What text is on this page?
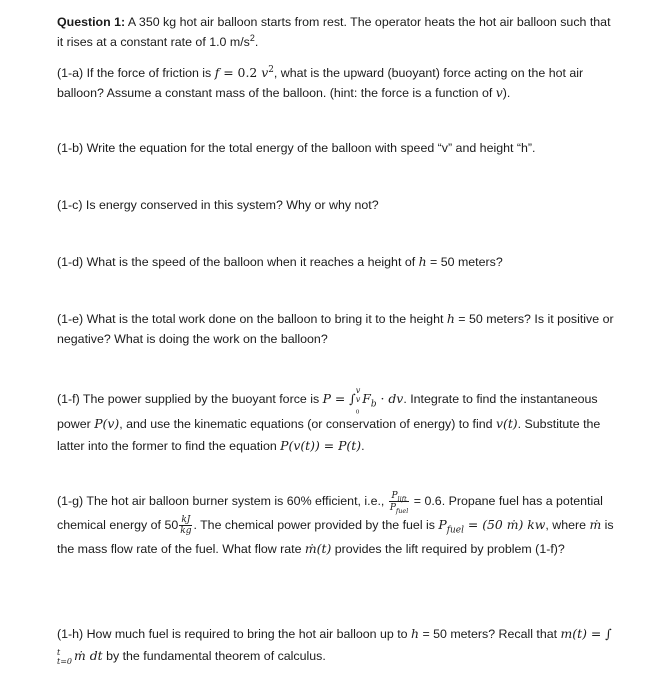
Question 1: A 350 kg hot air balloon starts from rest. The operator heats the hot air balloon such that it rises at a constant rate of 1.0 $m/s^2$.

(1-a) If the force of friction is f = 0.2 $v^2$, what is the upward (buoyant) force acting on the hot air balloon? Assume a constant mass of the balloon. (hint: the force is a function of v).

(1-b) Write the equation for the total energy of the balloon with speed “v” and height “h”.

(1-c) Is energy conserved in this system? Why or why not?

(1-d) What is the speed of the balloon when it reaches a height of h = 50 meters?

(1-e) What is the total work done on the balloon to bring it to the height h = 50 meters? Is it positive or negative? What is doing the work on the balloon?

(1-f) The power supplied by the buoyant force is P = ∫
v
v
$_0$
$F_b$ · dv. Integrate to find the instantaneous power P(v), and use the kinematic equations (or conservation of energy) to find v(t). Substitute the latter into the former to find the equation P(v(t)) = P(t).

(1-g) The hot air balloon burner system is 60% efficient, i.e., $\frac{P_{lift}}{P_{fuel}} = 0.6$. Propane fuel has a potential chemical energy of $50 \frac{kJ}{kg}$ . The chemical power provided by the fuel is $P_{fuel} = (50$ ṁ) kw, where ṁ is the mass flow rate of the fuel. What flow rate ṁ(t) provides the lift required by problem (1-f)?

(1-h) How much fuel is required to bring the hot air balloon up to h = 50 meters? Recall that m(t) = ∫
t
t=0 ṁ dt by the fundamental theorem of calculus.
